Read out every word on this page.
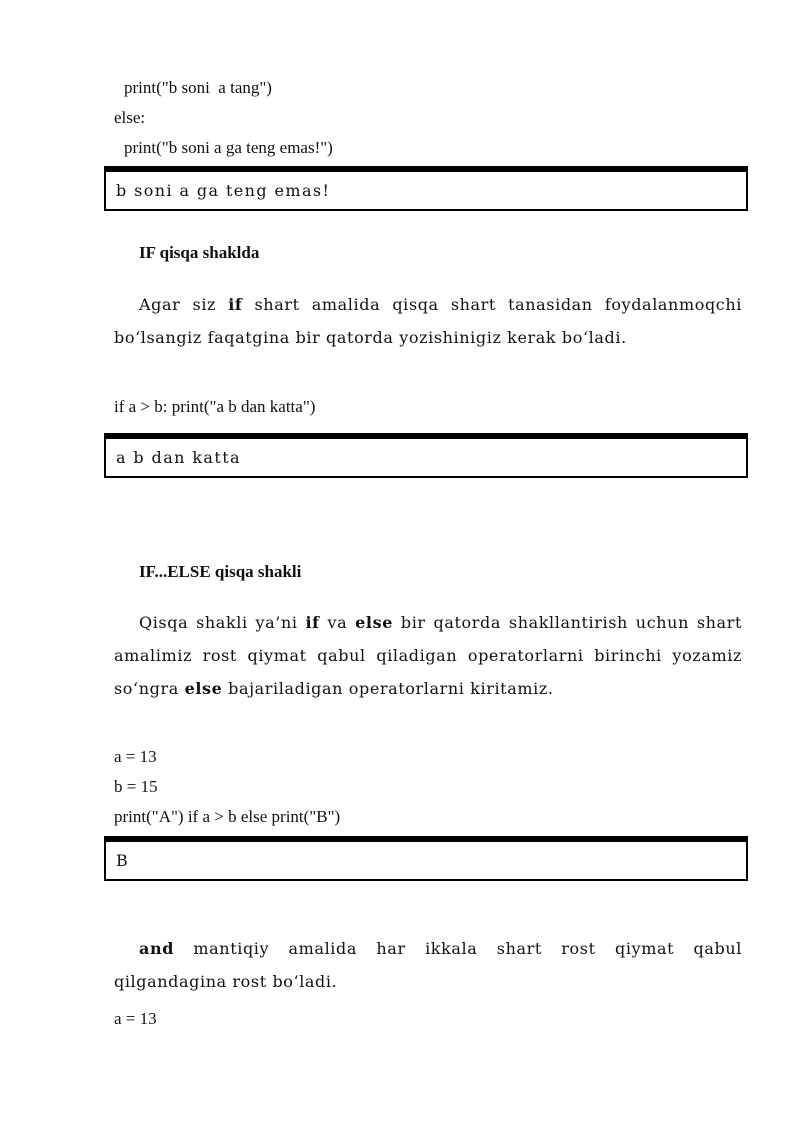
print("b soni  a tang")
else:
print("b soni a ga teng emas!")
b soni a ga teng emas!
IF qisqa shaklda
Agar siz if shart amalida qisqa shart tanasidan foydalanmoqchi bo‘lsangiz faqatgina bir qatorda yozishinigiz kerak bo‘ladi.
if a > b: print("a b dan katta")
a b dan katta
IF...ELSE qisqa shakli
Qisqa shakli ya’ni if va else bir qatorda shakllantirish uchun shart amalimiz rost qiymat qabul qiladigan operatorlarni birinchi yozamiz so‘ngra else bajariladigan operatorlarni kiritamiz.
a = 13
b = 15
print("A") if a > b else print("B")
B
and mantiqiy amalida har ikkala shart rost qiymat qabul qilgandagina rost bo‘ladi.
a = 13
